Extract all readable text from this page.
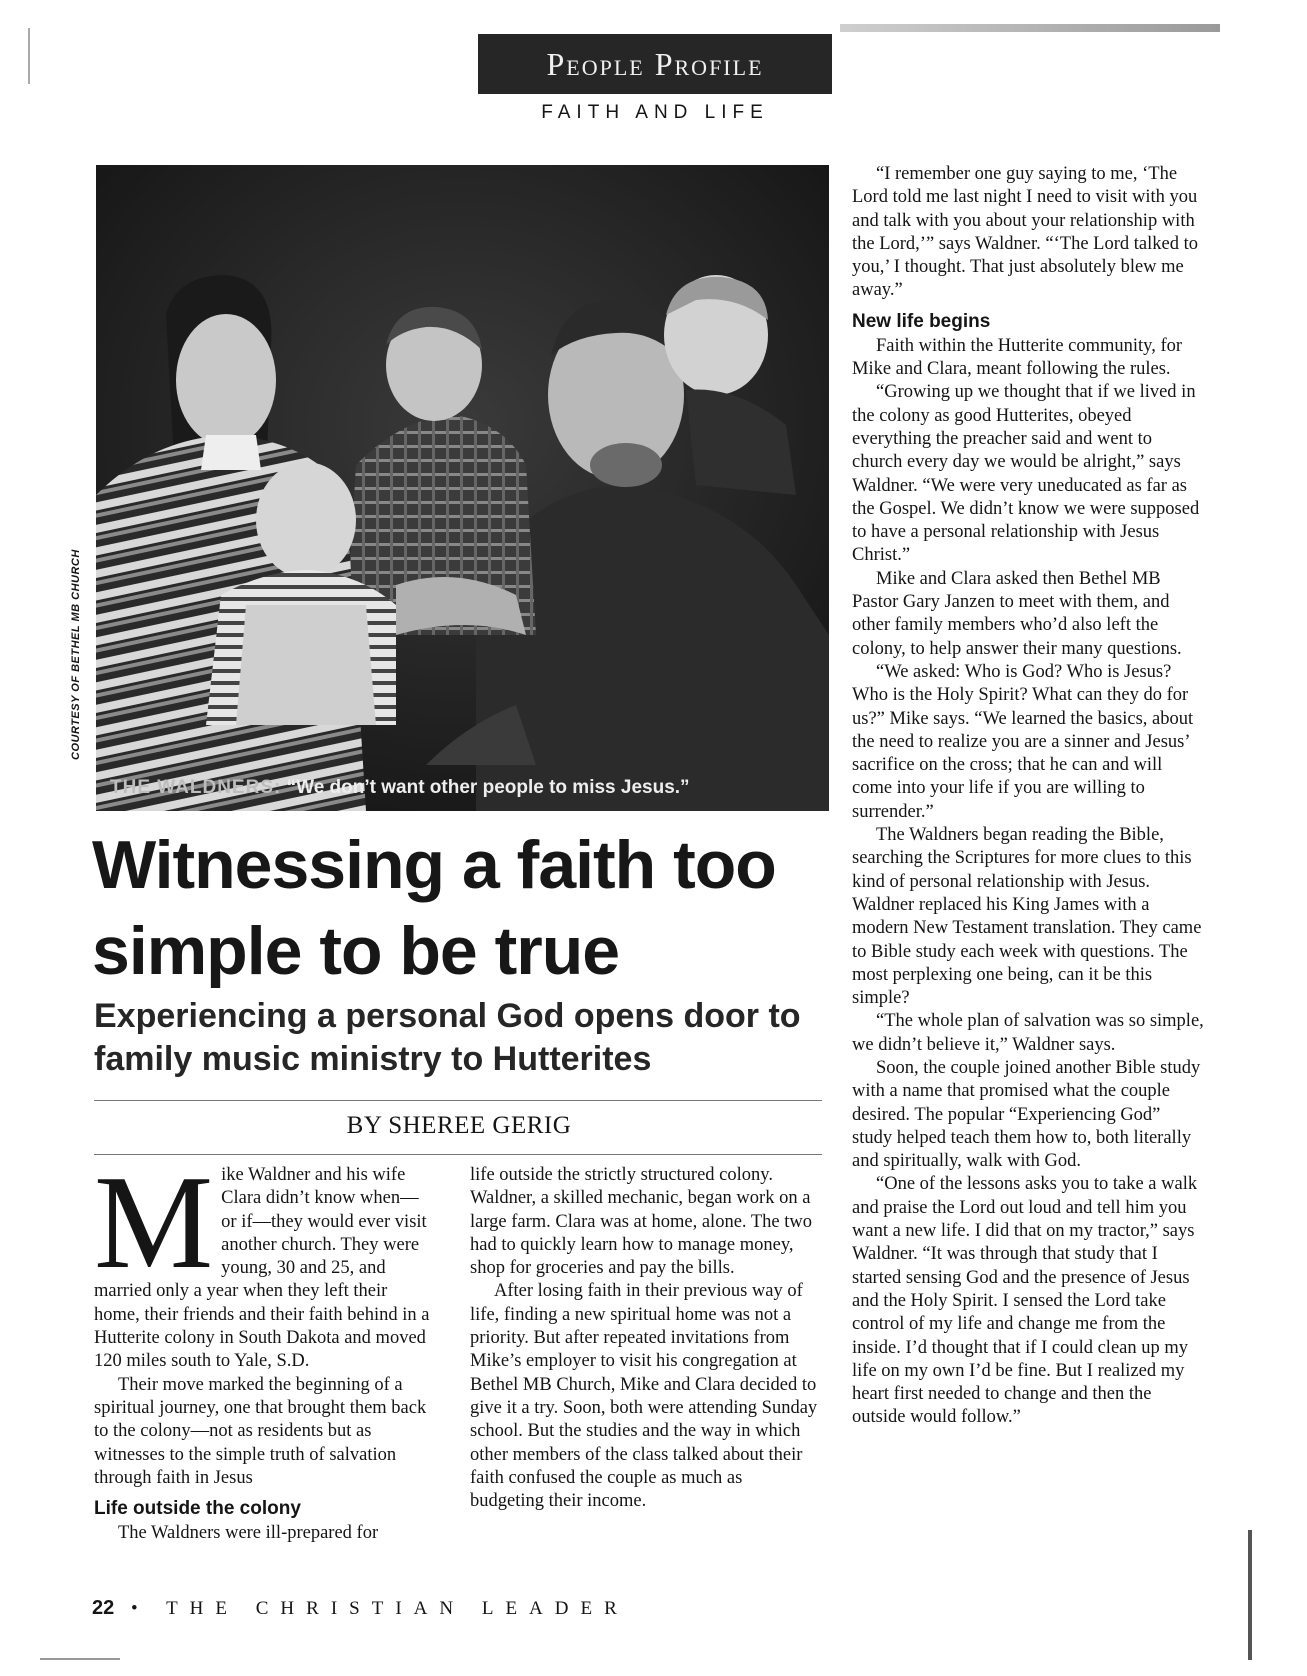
People Profile
FAITH AND LIFE
THE WALDNERS: “We don’t want other people to miss Jesus.”
COURTESY OF BETHEL MB CHURCH
Witnessing a faith too simple to be true
Experiencing a personal God opens door to family music ministry to Hutterites
BY SHEREE GERIG
M ike Waldner and his wife Clara didn’t know when—or if—they would ever visit another church. They were young, 30 and 25, and married only a year when they left their home, their friends and their faith behind in a Hutterite colony in South Dakota and moved 120 miles south to Yale, S.D.

Their move marked the beginning of a spiritual journey, one that brought them back to the colony—not as residents but as witnesses to the simple truth of salvation through faith in Jesus

Life outside the colony

The Waldners were ill-prepared for

life outside the strictly structured colony. Waldner, a skilled mechanic, began work on a large farm. Clara was at home, alone. The two had to quickly learn how to manage money, shop for groceries and pay the bills.

After losing faith in their previous way of life, finding a new spiritual home was not a priority. But after repeated invitations from Mike’s employer to visit his congregation at Bethel MB Church, Mike and Clara decided to give it a try. Soon, both were attending Sunday school. But the studies and the way in which other members of the class talked about their faith confused the couple as much as budgeting their income.

“I remember one guy saying to me, ‘The Lord told me last night I need to visit with you and talk with you about your relationship with the Lord,’” says Waldner. “‘The Lord talked to you,’ I thought. That just absolutely blew me away.”

New life begins

Faith within the Hutterite community, for Mike and Clara, meant following the rules.

“Growing up we thought that if we lived in the colony as good Hutterites, obeyed everything the preacher said and went to church every day we would be alright,” says Waldner. “We were very uneducated as far as the Gospel. We didn’t know we were supposed to have a personal relationship with Jesus Christ.”

Mike and Clara asked then Bethel MB Pastor Gary Janzen to meet with them, and other family members who’d also left the colony, to help answer their many questions.

“We asked: Who is God? Who is Jesus? Who is the Holy Spirit? What can they do for us?” Mike says. “We learned the basics, about the need to realize you are a sinner and Jesus’ sacrifice on the cross; that he can and will come into your life if you are willing to surrender.”

The Waldners began reading the Bible, searching the Scriptures for more clues to this kind of personal relationship with Jesus. Waldner replaced his King James with a modern New Testament translation. They came to Bible study each week with questions. The most perplexing one being, can it be this simple?

“The whole plan of salvation was so simple, we didn’t believe it,” Waldner says.

Soon, the couple joined another Bible study with a name that promised what the couple desired. The popular “Experiencing God” study helped teach them how to, both literally and spiritually, walk with God.

“One of the lessons asks you to take a walk and praise the Lord out loud and tell him you want a new life. I did that on my tractor,” says Waldner. “It was through that study that I started sensing God and the presence of Jesus and the Holy Spirit. I sensed the Lord take control of my life and change me from the inside. I’d thought that if I could clean up my life on my own I’d be fine. But I realized my heart first needed to change and then the outside would follow.”

22 • THE CHRISTIAN LEADER
